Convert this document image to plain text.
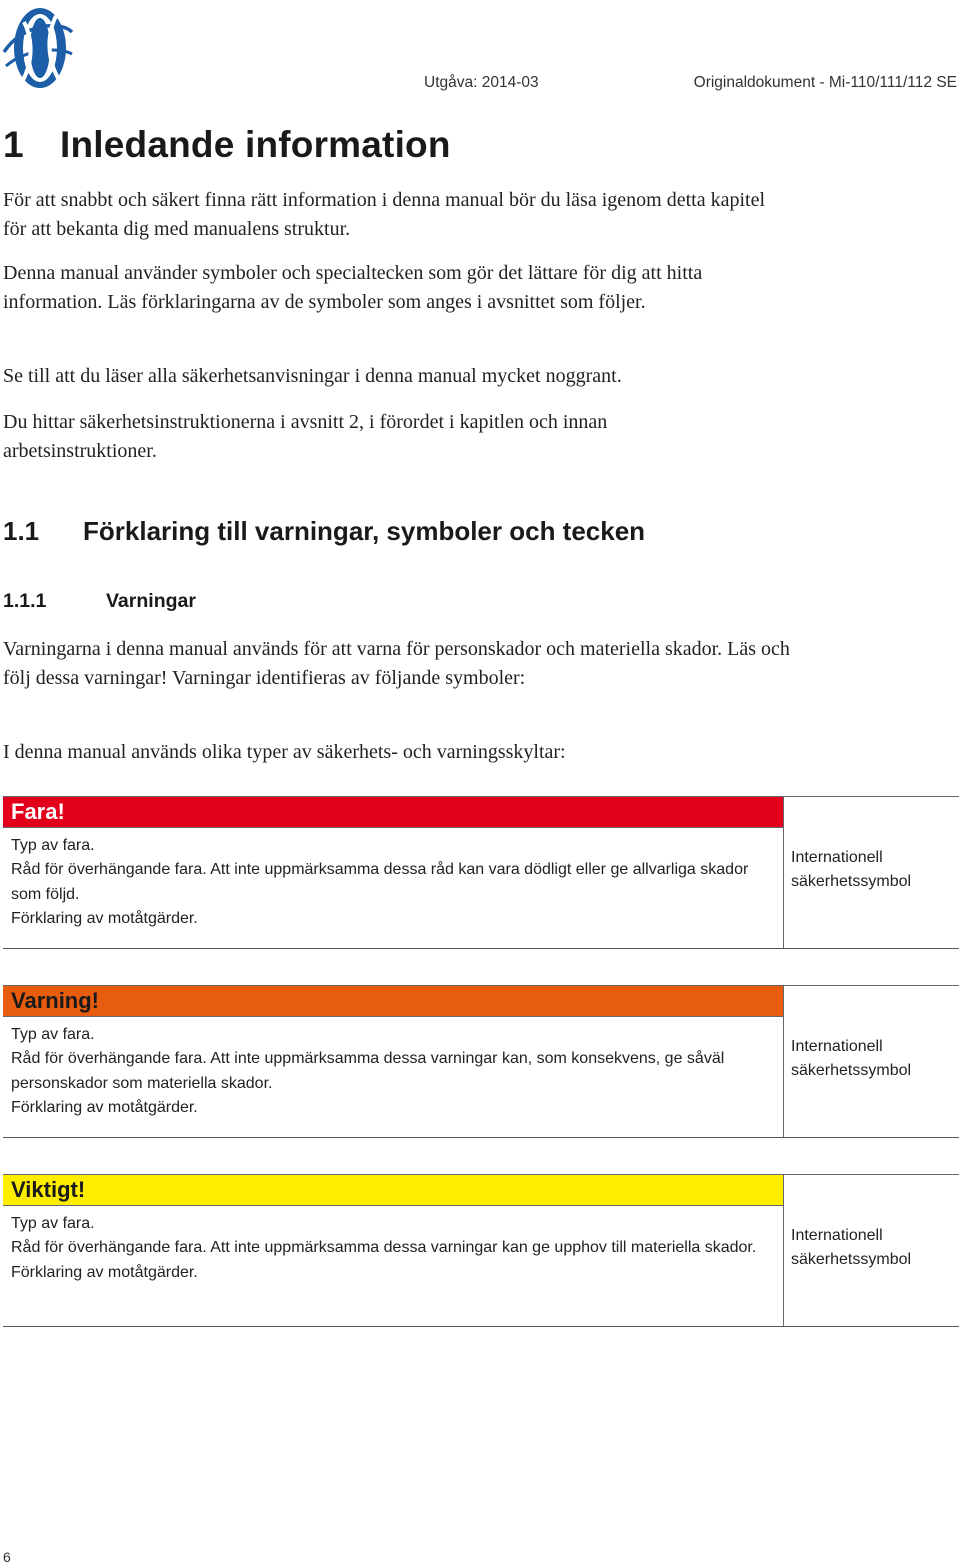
Utgåva: 2014-03	Originaldokument - Mi-110/111/112 SE
1 Inledande information

För att snabbt och säkert finna rätt information i denna manual bör du läsa igenom detta kapitel för att bekanta dig med manualens struktur.

Denna manual använder symboler och specialtecken som gör det lättare för dig att hitta information. Läs förklaringarna av de symboler som anges i avsnittet som följer.

Se till att du läser alla säkerhetsanvisningar i denna manual mycket noggrant.

Du hittar säkerhetsinstruktionerna i avsnitt 2, i förordet i kapitlen och innan arbetsinstruktioner.

1.1 Förklaring till varningar, symboler och tecken
1.1.1	Varningar

Varningarna i denna manual används för att varna för personskador och materiella skador. Läs och följ dessa varningar! Varningar identifieras av följande symboler:

I denna manual används olika typer av säkerhets- och varningsskyltar:

Fara!
Typ av fara.
Råd för överhängande fara. Att inte uppmärksamma dessa råd kan vara dödligt eller ge allvarliga skador som följd.
Förklaring av motåtgärder.
Internationell säkerhetssymbol
Varning!
Typ av fara.
Råd för överhängande fara. Att inte uppmärksamma dessa varningar kan, som konsekvens, ge såväl personskador som materiella skador.
Förklaring av motåtgärder.
Internationell säkerhetssymbol
Viktigt!
Typ av fara.
Råd för överhängande fara. Att inte uppmärksamma dessa varningar kan ge upphov till materiella skador.
Förklaring av motåtgärder.
Internationell säkerhetssymbol
6
